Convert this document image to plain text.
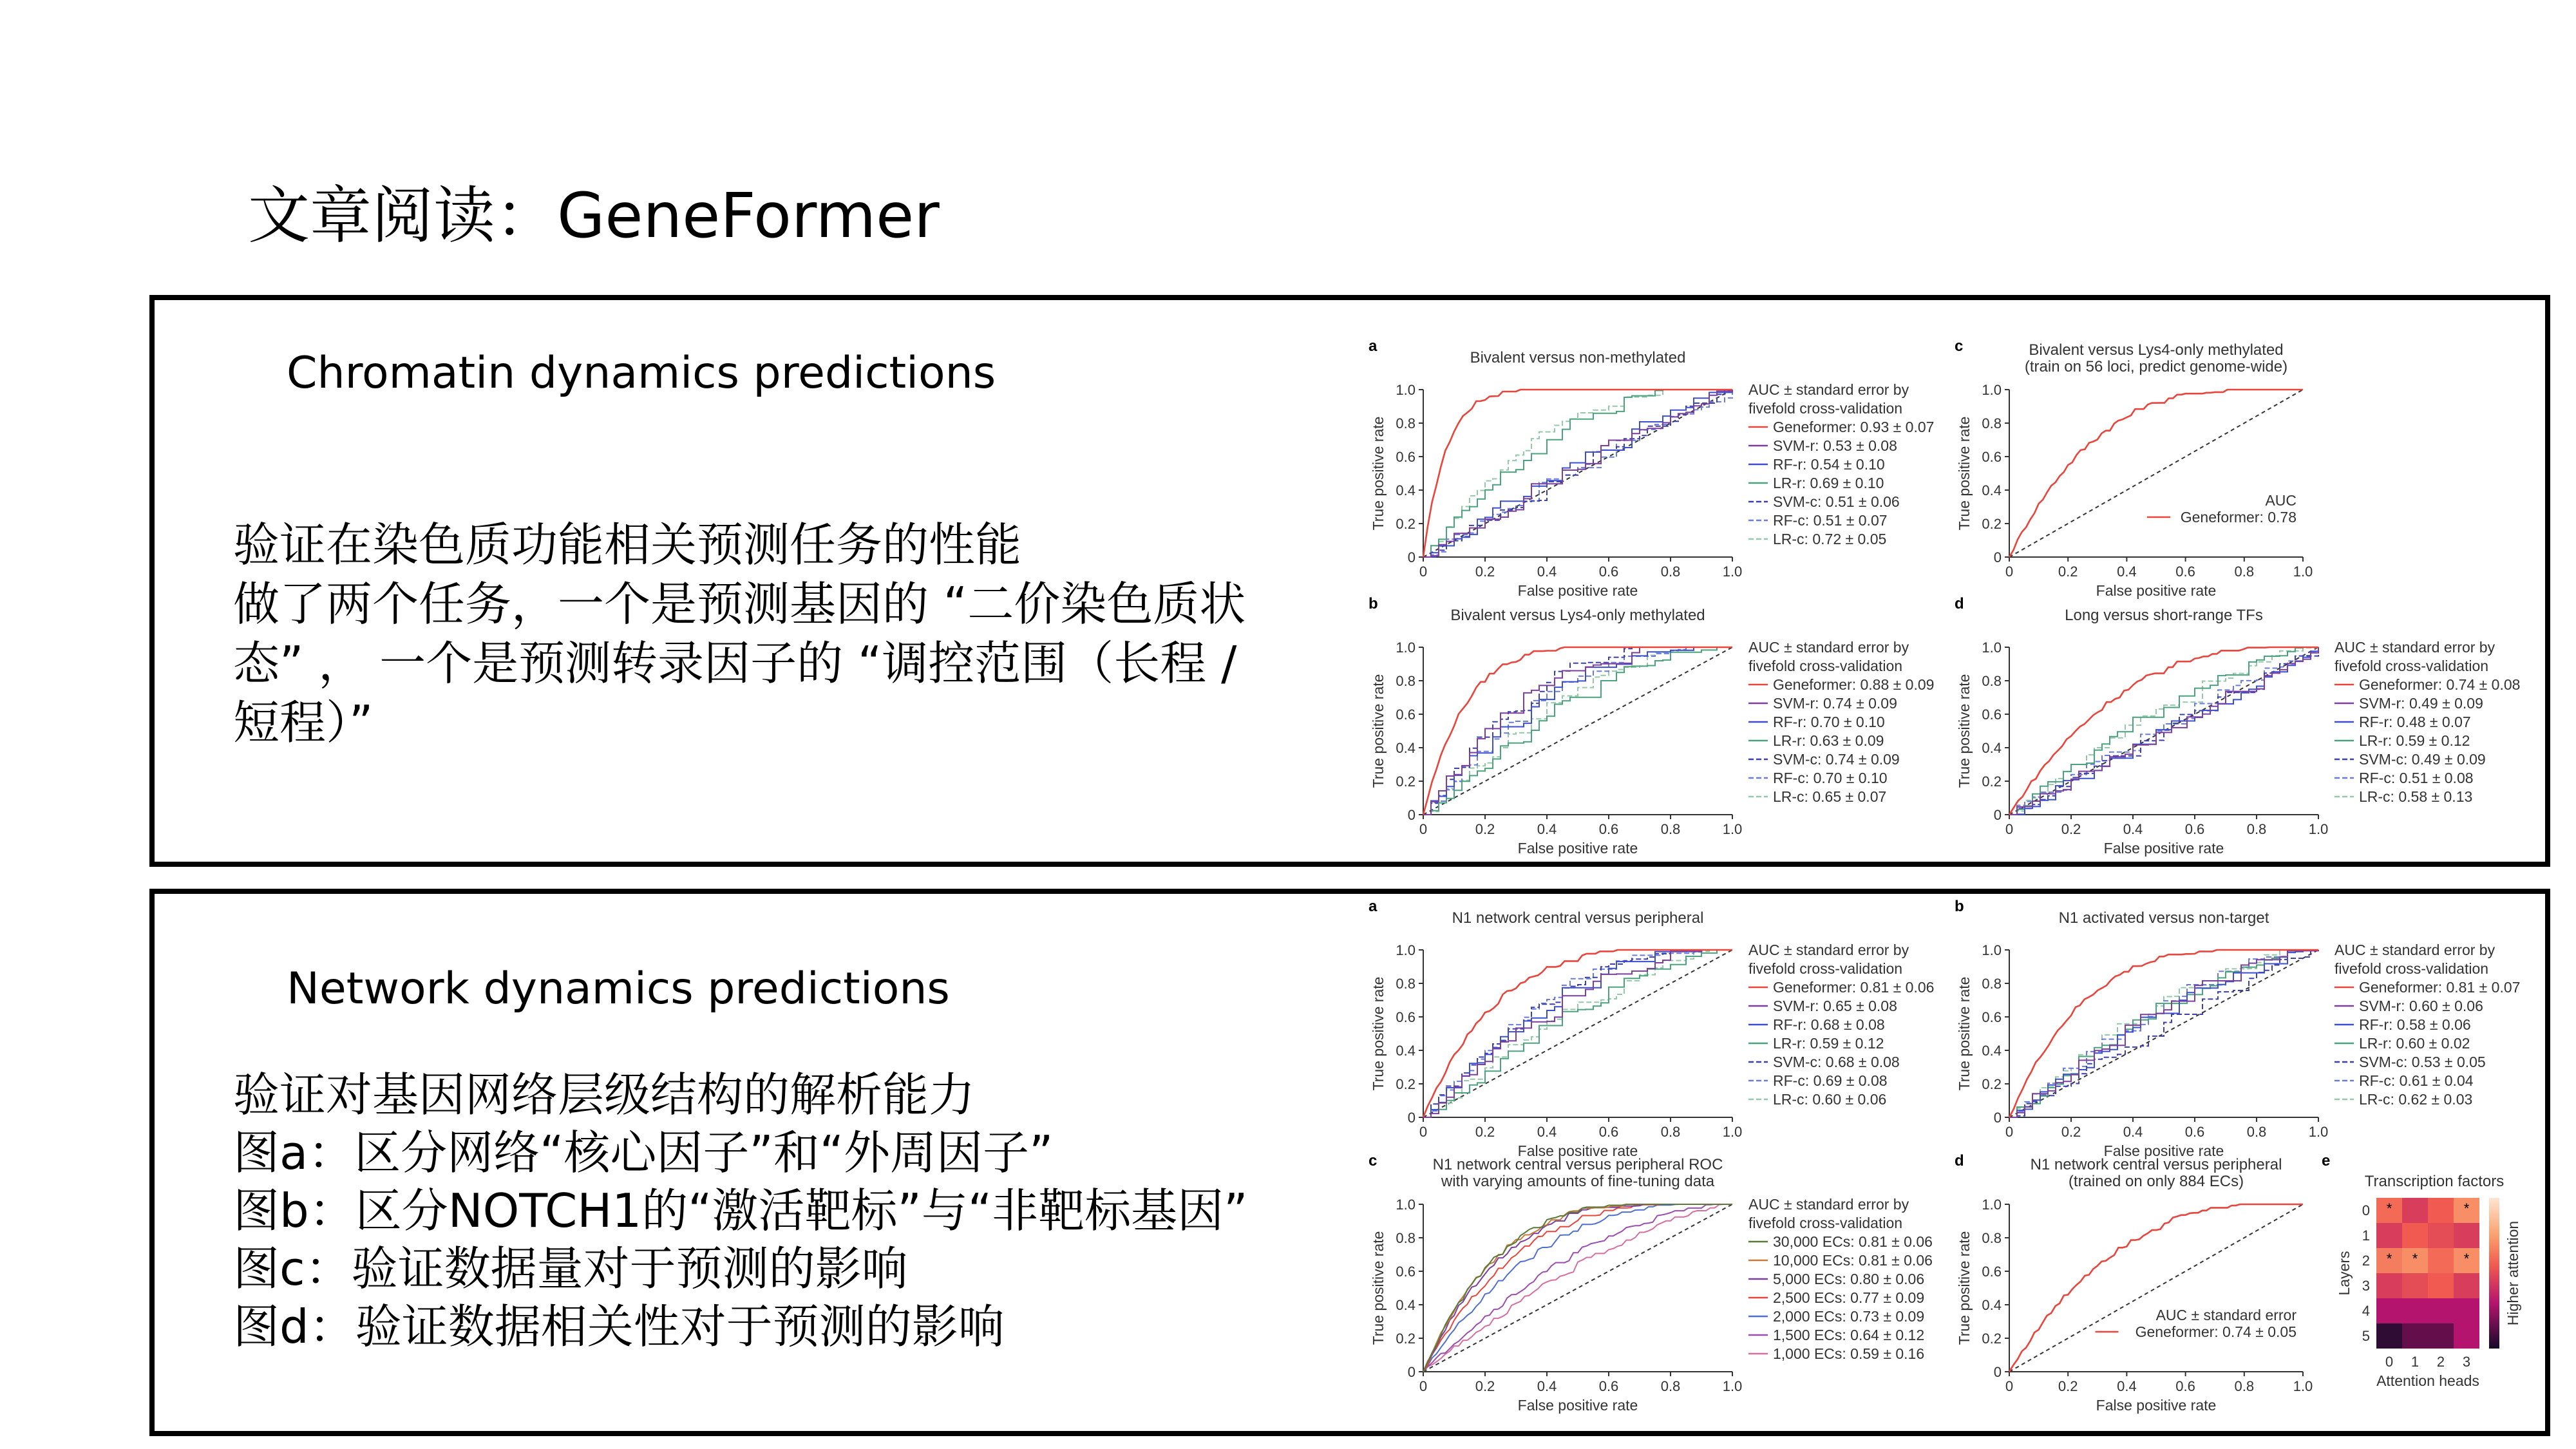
文章阅读：GeneFormer
Chromatin dynamics predictions
验证在染色质功能相关预测任务的性能
做了两个任务，一个是预测基因的 “二价染色质状
态” ， 一个是预测转录因子的 “调控范围（长程 /
短程）”
Network dynamics predictions
验证对基因网络层级结构的解析能力
图a：区分网络“核心因子”和“外周因子”
图b：区分NOTCH1的“激活靶标”与“非靶标基因”
图c：验证数据量对于预测的影响
图d：验证数据相关性对于预测的影响
a
Bivalent versus non-methylated
0	0.2	0.4	0.6	0.8	1.0
0
0.2
0.4
0.6
0.8
1.0
False positive rate
True positive rate
AUC ± standard error by
fivefold cross-validation
Geneformer: 0.93 ± 0.07
SVM-r: 0.53 ± 0.08
RF-r: 0.54 ± 0.10
LR-r: 0.69 ± 0.10
SVM-c: 0.51 ± 0.06
RF-c: 0.51 ± 0.07
LR-c: 0.72 ± 0.05
c	Bivalent versus Lys4-only methylated
(train on 56 loci, predict genome-wide)
0	0.2	0.4	0.6	0.8	1.0
0
0.2
0.4
0.6
0.8
1.0
False positive rate
True positive rate	AUC
Geneformer: 0.78
b
Bivalent versus Lys4-only methylated
0	0.2	0.4	0.6	0.8	1.0
0
0.2
0.4
0.6
0.8
1.0
False positive rate
True positive rate
AUC ± standard error by
fivefold cross-validation
Geneformer: 0.88 ± 0.09
SVM-r: 0.74 ± 0.09
RF-r: 0.70 ± 0.10
LR-r: 0.63 ± 0.09
SVM-c: 0.74 ± 0.09
RF-c: 0.70 ± 0.10
LR-c: 0.65 ± 0.07
d
Long versus short-range TFs
0	0.2	0.4	0.6	0.8	1.0
0
0.2
0.4
0.6
0.8
1.0
False positive rate
True positive rate
AUC ± standard error by
fivefold cross-validation
Geneformer: 0.74 ± 0.08
SVM-r: 0.49 ± 0.09
RF-r: 0.48 ± 0.07
LR-r: 0.59 ± 0.12
SVM-c: 0.49 ± 0.09
RF-c: 0.51 ± 0.08
LR-c: 0.58 ± 0.13
a
N1 network central versus peripheral
0	0.2	0.4	0.6	0.8	1.0
0
0.2
0.4
0.6
0.8
1.0
False positive rate
True positive rate
AUC ± standard error by
fivefold cross-validation
Geneformer: 0.81 ± 0.06
SVM-r: 0.65 ± 0.08
RF-r: 0.68 ± 0.08
LR-r: 0.59 ± 0.12
SVM-c: 0.68 ± 0.08
RF-c: 0.69 ± 0.08
LR-c: 0.60 ± 0.06
b
N1 activated versus non-target
0	0.2	0.4	0.6	0.8	1.0
0
0.2
0.4
0.6
0.8
1.0
False positive rate
True positive rate
AUC ± standard error by
fivefold cross-validation
Geneformer: 0.81 ± 0.07
SVM-r: 0.60 ± 0.06
RF-r: 0.58 ± 0.06
LR-r: 0.60 ± 0.02
SVM-c: 0.53 ± 0.05
RF-c: 0.61 ± 0.04
LR-c: 0.62 ± 0.03
c	N1 network central versus peripheral ROC
with varying amounts of fine-tuning data
0	0.2	0.4	0.6	0.8	1.0
0
0.2
0.4
0.6
0.8
1.0
False positive rate
True positive rate
AUC ± standard error by
fivefold cross-validation
30,000 ECs: 0.81 ± 0.06
10,000 ECs: 0.81 ± 0.06
5,000 ECs: 0.80 ± 0.06
2,500 ECs: 0.77 ± 0.09
2,000 ECs: 0.73 ± 0.09
1,500 ECs: 0.64 ± 0.12
1,000 ECs: 0.59 ± 0.16
d	N1 network central versus peripheral
(trained on only 884 ECs)
0	0.2	0.4	0.6	0.8	1.0
0
0.2
0.4
0.6
0.8
1.0
False positive rate
True positive rate	AUC ± standard error
Geneformer: 0.74 ± 0.05
e
Transcription factors
*	*
* *	*
0
1
2
3
4
5
0 1 2 3
Attention heads
Layers	Higher attention
